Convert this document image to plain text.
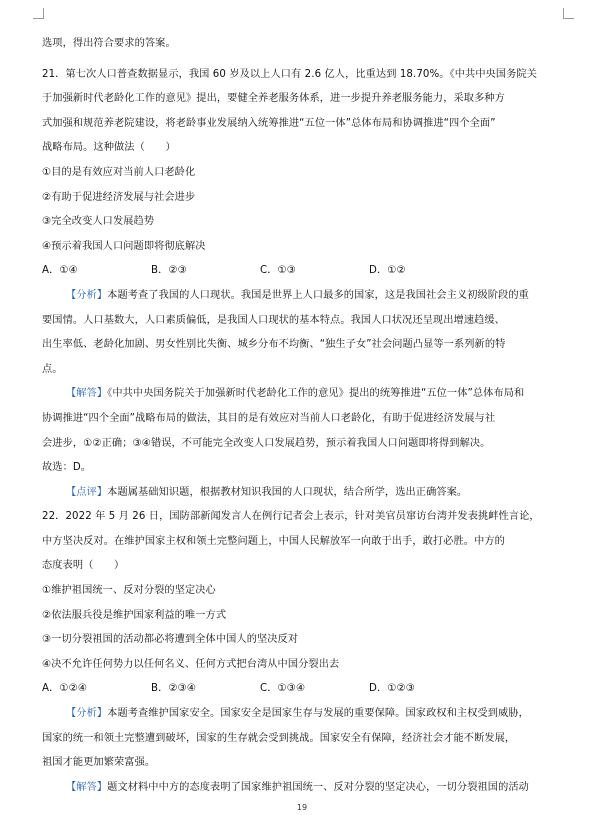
选项，得出符合要求的答案。
21．第七次人口普查数据显示，我国 60 岁及以上人口有 2.6 亿人，比重达到 18.70%。《中共中央国务院关
于加强新时代老龄化工作的意见》提出，要健全养老服务体系，进一步提升养老服务能力，采取多种方
式加强和规范养老院建设，将老龄事业发展纳入统筹推进“五位一体”总体布局和协调推进“四个全面”
战略布局。这种做法（　　）
①目的是有效应对当前人口老龄化
②有助于促进经济发展与社会进步
③完全改变人口发展趋势
④预示着我国人口问题即将彻底解决
A．①④	B．②③	C．①③	D．①②
【分析】本题考查了我国的人口现状。我国是世界上人口最多的国家，这是我国社会主义初级阶段的重
要国情。人口基数大，人口素质偏低，是我国人口现状的基本特点。我国人口状况还呈现出增速趋缓、
出生率低、老龄化加剧、男女性别比失衡、城乡分布不均衡、“独生子女”社会问题凸显等一系列新的特
点。
【解答】《中共中央国务院关于加强新时代老龄化工作的意见》提出的统筹推进“五位一体”总体布局和
协调推进“四个全面”战略布局的做法，其目的是有效应对当前人口老龄化，有助于促进经济发展与社
会进步，①②正确；③④错误，不可能完全改变人口发展趋势，预示着我国人口问题即将得到解决。
故选：D。
【点评】本题属基础知识题，根据教材知识我国的人口现状，结合所学，选出正确答案。
22．2022 年 5 月 26 日，国防部新闻发言人在例行记者会上表示，针对美官员窜访台湾并发表挑衅性言论，
中方坚决反对。在维护国家主权和领土完整问题上，中国人民解放军一向敢于出手，敢打必胜。中方的
态度表明（　　）
①维护祖国统一、反对分裂的坚定决心
②依法服兵役是维护国家利益的唯一方式
③一切分裂祖国的活动都必将遭到全体中国人的坚决反对
④决不允许任何势力以任何名义、任何方式把台湾从中国分裂出去
A．①②④	B．②③④	C．①③④	D．①②③
【分析】本题考查维护国家安全。国家安全是国家生存与发展的重要保障。国家政权和主权受到威胁，
国家的统一和领土完整遭到破坏，国家的生存就会受到挑战。国家安全有保障，经济社会才能不断发展，
祖国才能更加繁荣富强。
【解答】题文材料中中方的态度表明了国家维护祖国统一、反对分裂的坚定决心，一切分裂祖国的活动
19
